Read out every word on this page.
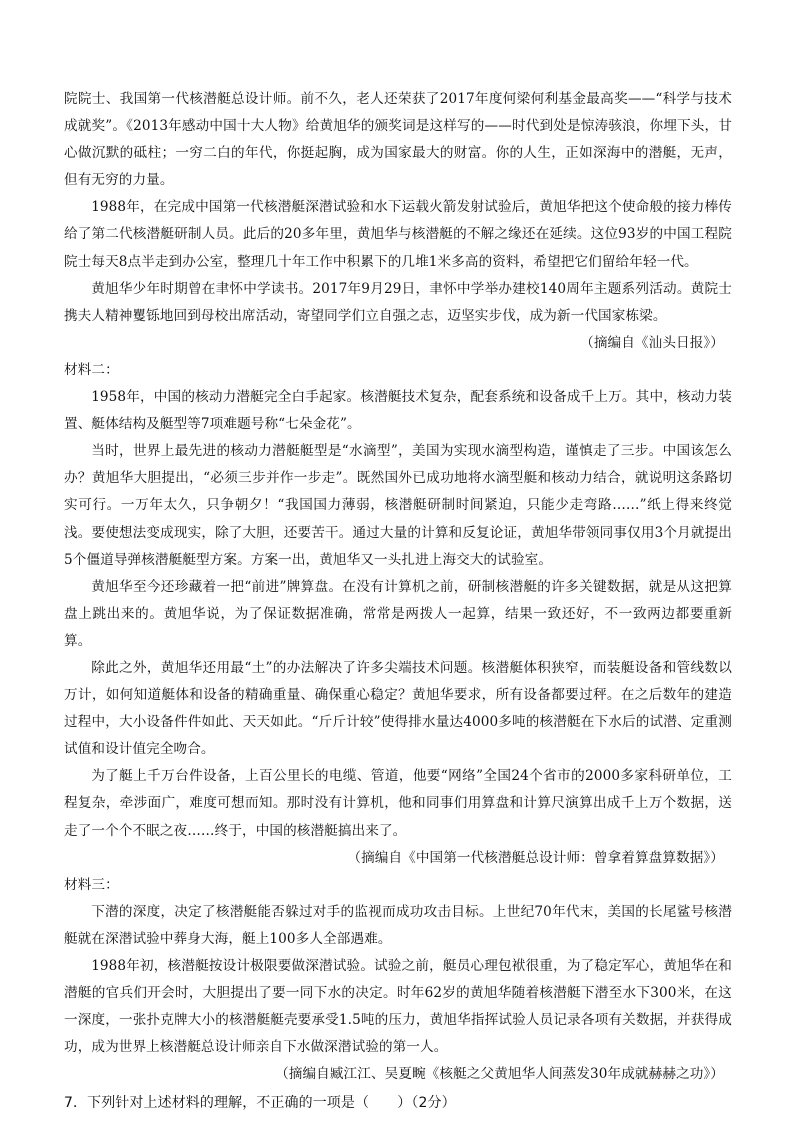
院院士、我国第一代核潜艇总设计师。前不久，老人还荣获了2017年度何梁何利基金最高奖——“科学与技术成就奖”。《2013年感动中国十大人物》给黄旭华的颁奖词是这样写的——时代到处是惊涛骇浪，你埋下头，甘心做沉默的砥柱；一穷二白的年代，你挺起胸，成为国家最大的财富。你的人生，正如深海中的潜艇，无声，但有无穷的力量。

1988年，在完成中国第一代核潜艇深潜试验和水下运载火箭发射试验后，黄旭华把这个使命般的接力棒传给了第二代核潜艇研制人员。此后的20多年里，黄旭华与核潜艇的不解之缘还在延续。这位93岁的中国工程院院士每天8点半走到办公室，整理几十年工作中积累下的几堆1米多高的资料，希望把它们留给年轻一代。

黄旭华少年时期曾在聿怀中学读书。2017年9月29日，聿怀中学举办建校140周年主题系列活动。黄院士携夫人精神矍铄地回到母校出席活动，寄望同学们立自强之志，迈坚实步伐，成为新一代国家栋梁。

（摘编自《汕头日报》）

材料二：

1958年，中国的核动力潜艇完全白手起家。核潜艇技术复杂，配套系统和设备成千上万。其中，核动力装置、艇体结构及艇型等7项难题号称“七朵金花”。

当时，世界上最先进的核动力潜艇艇型是“水滴型”，美国为实现水滴型构造，谨慎走了三步。中国该怎么办？黄旭华大胆提出，“必须三步并作一步走”。既然国外已成功地将水滴型艇和核动力结合，就说明这条路切实可行。一万年太久，只争朝夕！“我国国力薄弱，核潜艇研制时间紧迫，只能少走弯路……”纸上得来终觉浅。要使想法变成现实，除了大胆，还要苦干。通过大量的计算和反复论证，黄旭华带领同事仅用3个月就提出5个僵道导弹核潜艇艇型方案。方案一出，黄旭华又一头扎进上海交大的试验室。

黄旭华至今还珍藏着一把“前进”牌算盘。在没有计算机之前，研制核潜艇的许多关键数据，就是从这把算盘上跳出来的。黄旭华说，为了保证数据准确，常常是两拨人一起算，结果一致还好，不一致两边都要重新算。

除此之外，黄旭华还用最“土”的办法解决了许多尖端技术问题。核潜艇体积狭窄，而装艇设备和管线数以万计，如何知道艇体和设备的精确重量、确保重心稳定？黄旭华要求，所有设备都要过秤。在之后数年的建造过程中，大小设备件件如此、天天如此。“斤斤计较”使得排水量达4000多吨的核潜艇在下水后的试潜、定重测试值和设计值完全吻合。

为了艇上千万台件设备，上百公里长的电缆、管道，他要“网络”全国24个省市的2000多家科研单位，工程复杂，牵涉面广，难度可想而知。那时没有计算机，他和同事们用算盘和计算尺演算出成千上万个数据，送走了一个个不眠之夜……终于，中国的核潜艇搞出来了。

（摘编自《中国第一代核潜艇总设计师：曾拿着算盘算数据》）

材料三：

下潜的深度，决定了核潜艇能否躲过对手的监视而成功攻击目标。上世纪70年代末，美国的长尾鲨号核潜艇就在深潜试验中葬身大海，艇上100多人全部遇难。

1988年初，核潜艇按设计极限要做深潜试验。试验之前，艇员心理包袱很重，为了稳定军心，黄旭华在和潜艇的官兵们开会时，大胆提出了要一同下水的决定。时年62岁的黄旭华随着核潜艇下潜至水下300米，在这一深度，一张扑克牌大小的核潜艇艇壳要承受1.5吨的压力，黄旭华指挥试验人员记录各项有关数据，并获得成功，成为世界上核潜艇总设计师亲自下水做深潜试验的第一人。

（摘编自臧江江、吴夏畹《核艇之父黄旭华人间蒸发30年成就赫赫之功》）

7．下列针对上述材料的理解，不正确的一项是（　　）（2分）
